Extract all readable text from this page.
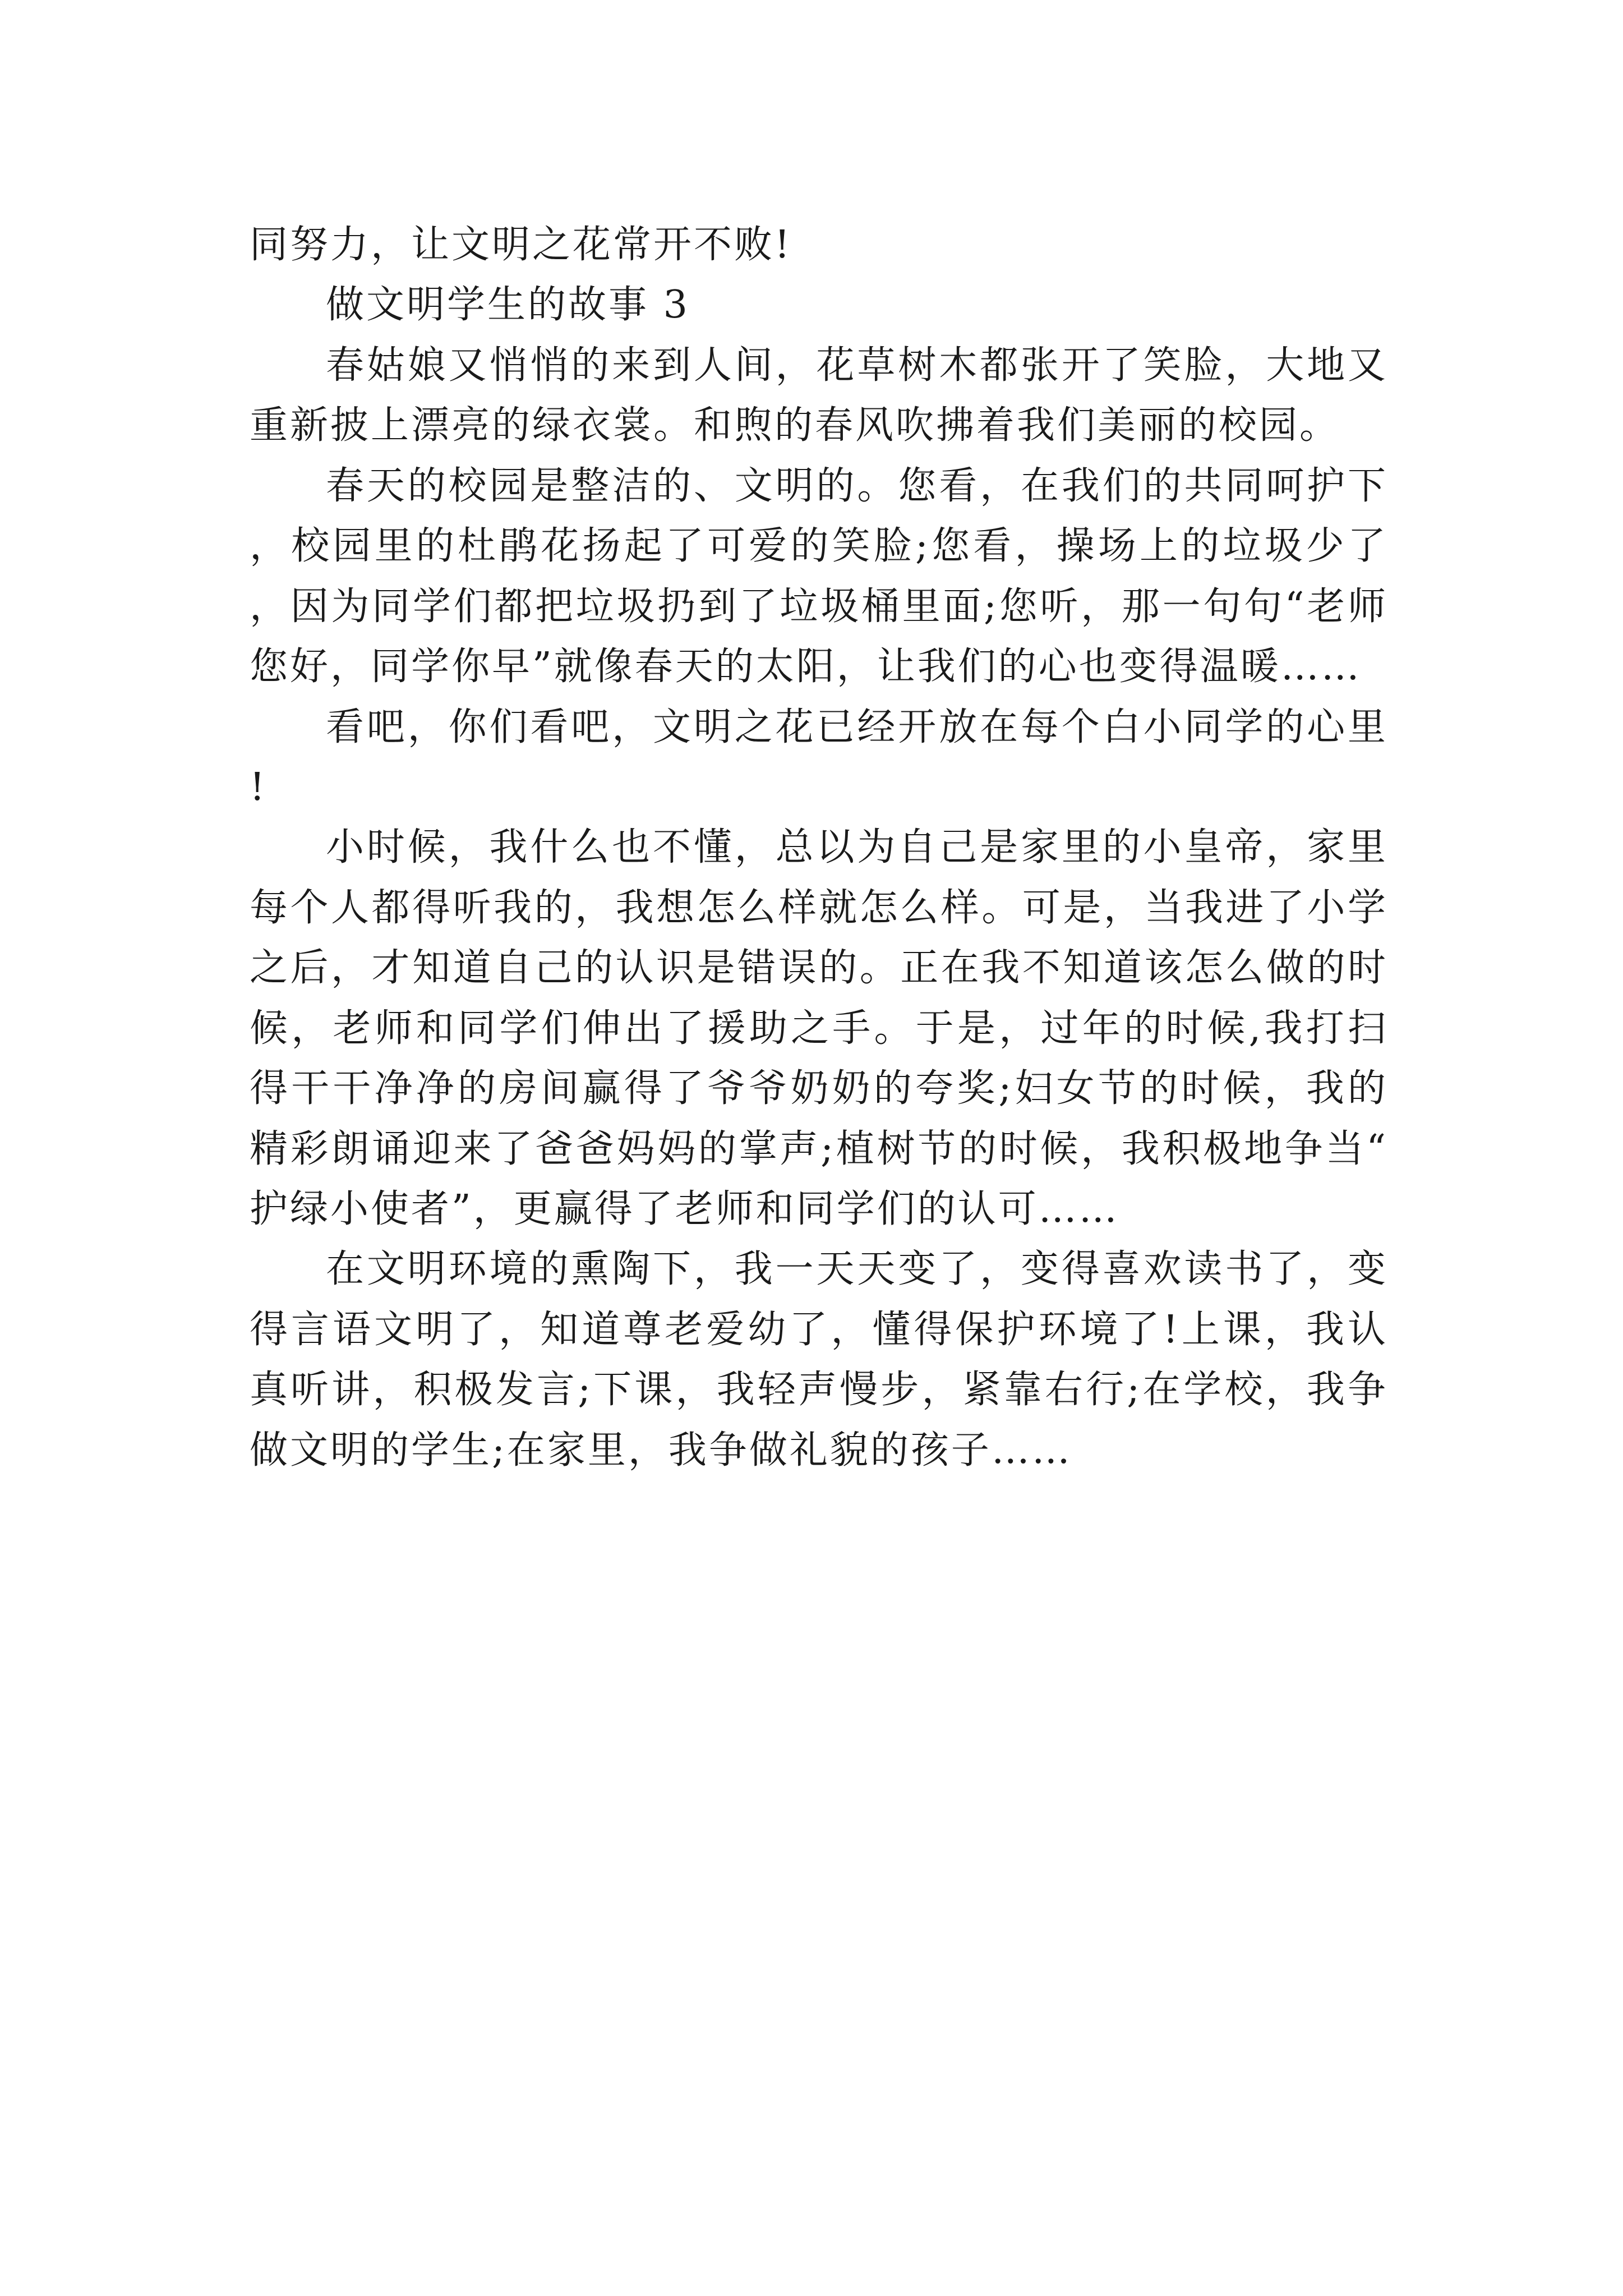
同努力，让文明之花常开不败!

做文明学生的故事 3

春姑娘又悄悄的来到人间，花草树木都张开了笑脸，大地又重新披上漂亮的绿衣裳。和煦的春风吹拂着我们美丽的校园。

春天的校园是整洁的、文明的。您看，在我们的共同呵护下，校园里的杜鹃花扬起了可爱的笑脸;您看，操场上的垃圾少了，因为同学们都把垃圾扔到了垃圾桶里面;您听，那一句句“老师您好，同学你早”就像春天的太阳，让我们的心也变得温暖……

看吧，你们看吧，文明之花已经开放在每个白小同学的心里!

小时候，我什么也不懂，总以为自己是家里的小皇帝，家里每个人都得听我的，我想怎么样就怎么样。可是，当我进了小学之后，才知道自己的认识是错误的。正在我不知道该怎么做的时候，老师和同学们伸出了援助之手。于是，过年的时候,我打扫得干干净净的房间赢得了爷爷奶奶的夸奖;妇女节的时候，我的精彩朗诵迎来了爸爸妈妈的掌声;植树节的时候，我积极地争当“护绿小使者”，更赢得了老师和同学们的认可……

在文明环境的熏陶下，我一天天变了，变得喜欢读书了，变得言语文明了，知道尊老爱幼了，懂得保护环境了!上课，我认真听讲，积极发言;下课，我轻声慢步，紧靠右行;在学校，我争做文明的学生;在家里，我争做礼貌的孩子……
